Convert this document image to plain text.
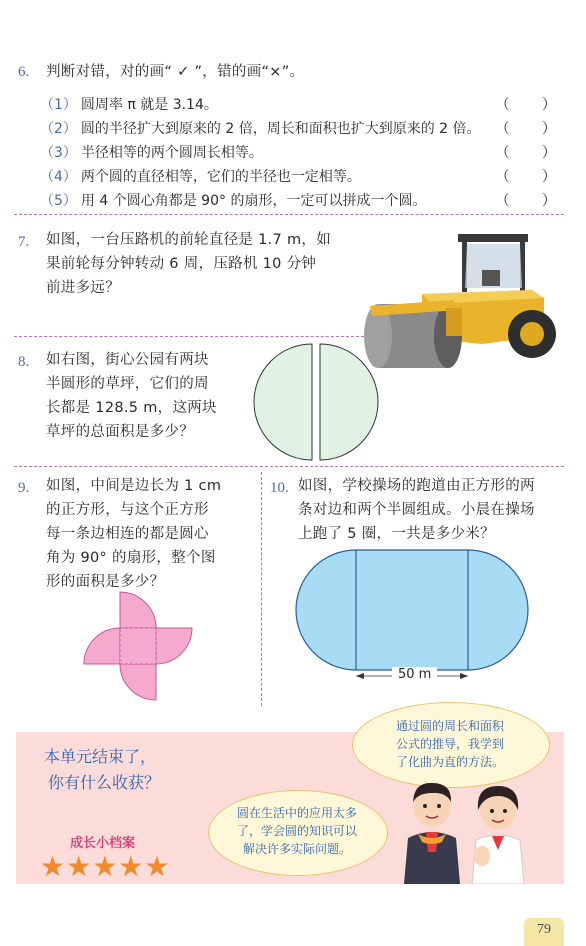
6. 判断对错，对的画“ ✓ ”，错的画“×”。
（1） 圆周率 π 就是 3.14。	（ ）
（2） 圆的半径扩大到原来的 2 倍，周长和面积也扩大到原来的 2 倍。 （ ）
（3） 半径相等的两个圆周长相等。	（ ）
（4） 两个圆的直径相等，它们的半径也一定相等。	（ ）
（5） 用 4 个圆心角都是 90° 的扇形，一定可以拼成一个圆。	（ ）
7. 如图，一台压路机的前轮直径是 1.7 m，如
果前轮每分钟转动 6 周，压路机 10 分钟
前进多远？
8. 如右图，街心公园有两块
半圆形的草坪，它们的周
长都是 128.5 m，这两块
草坪的总面积是多少？
9. 如图，中间是边长为 1 cm
的正方形，与这个正方形
每一条边相连的都是圆心
角为 90° 的扇形，整个图
形的面积是多少？
10. 如图，学校操场的跑道由正方形的两
条对边和两个半圆组成。小晨在操场
上跑了 5 圈，一共是多少米？
50 m
本单元结束了，
你有什么收获？
成长小档案
★★★★★
通过圆的周长和面积
公式的推导，我学到
了化曲为直的方法。
圆在生活中的应用太多
了，学会圆的知识可以
解决许多实际问题。
79
